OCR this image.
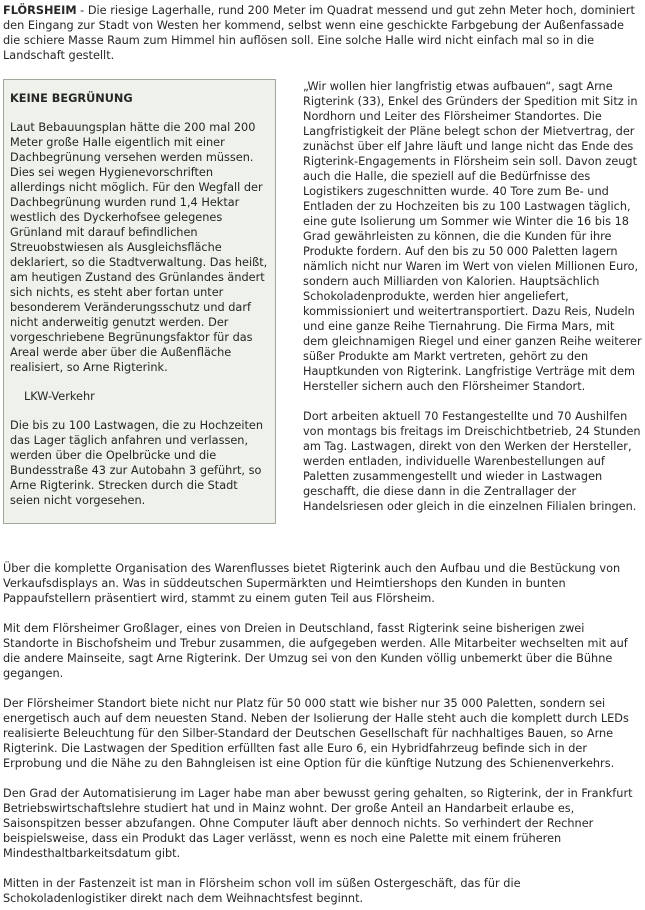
FLÖRSHEIM - Die riesige Lagerhalle, rund 200 Meter im Quadrat messend und gut zehn Meter hoch, dominiert den Eingang zur Stadt von Westen her kommend, selbst wenn eine geschickte Farbgebung der Außenfassade die schiere Masse Raum zum Himmel hin auflösen soll. Eine solche Halle wird nicht einfach mal so in die Landschaft gestellt.

KEINE BEGRÜNUNG

Laut Bebauungsplan hätte die 200 mal 200 Meter große Halle eigentlich mit einer Dachbegrünung versehen werden müssen. Dies sei wegen Hygienevorschriften allerdings nicht möglich. Für den Wegfall der Dachbegrünung wurden rund 1,4 Hektar westlich des Dyckerhofsee gelegenes Grünland mit darauf befindlichen Streuobstwiesen als Ausgleichsfläche deklariert, so die Stadtverwaltung. Das heißt, am heutigen Zustand des Grünlandes ändert sich nichts, es steht aber fortan unter besonderem Veränderungsschutz und darf nicht anderweitig genutzt werden. Der vorgeschriebene Begrünungsfaktor für das Areal werde aber über die Außenfläche realisiert, so Arne Rigterink.

LKW-Verkehr

Die bis zu 100 Lastwagen, die zu Hochzeiten das Lager täglich anfahren und verlassen, werden über die Opelbrücke und die Bundesstraße 43 zur Autobahn 3 geführt, so Arne Rigterink. Strecken durch die Stadt seien nicht vorgesehen.

„Wir wollen hier langfristig etwas aufbauen“, sagt Arne Rigterink (33), Enkel des Gründers der Spedition mit Sitz in Nordhorn und Leiter des Flörsheimer Standortes. Die Langfristigkeit der Pläne belegt schon der Mietvertrag, der zunächst über elf Jahre läuft und lange nicht das Ende des Rigterink-Engagements in Flörsheim sein soll. Davon zeugt auch die Halle, die speziell auf die Bedürfnisse des Logistikers zugeschnitten wurde. 40 Tore zum Be- und Entladen der zu Hochzeiten bis zu 100 Lastwagen täglich, eine gute Isolierung um Sommer wie Winter die 16 bis 18 Grad gewährleisten zu können, die die Kunden für ihre Produkte fordern. Auf den bis zu 50 000 Paletten lagern nämlich nicht nur Waren im Wert von vielen Millionen Euro, sondern auch Milliarden von Kalorien. Hauptsächlich Schokoladenprodukte, werden hier angeliefert, kommissioniert und weitertransportiert. Dazu Reis, Nudeln und eine ganze Reihe Tiernahrung. Die Firma Mars, mit dem gleichnamigen Riegel und einer ganzen Reihe weiterer süßer Produkte am Markt vertreten, gehört zu den Hauptkunden von Rigterink. Langfristige Verträge mit dem Hersteller sichern auch den Flörsheimer Standort.

Dort arbeiten aktuell 70 Festangestellte und 70 Aushilfen von montags bis freitags im Dreischichtbetrieb, 24 Stunden am Tag. Lastwagen, direkt von den Werken der Hersteller, werden entladen, individuelle Warenbestellungen auf Paletten zusammengestellt und wieder in Lastwagen geschafft, die diese dann in die Zentrallager der Handelsriesen oder gleich in die einzelnen Filialen bringen.

Über die komplette Organisation des Warenflusses bietet Rigterink auch den Aufbau und die Bestückung von Verkaufsdisplays an. Was in süddeutschen Supermärkten und Heimtiershops den Kunden in bunten Pappaufstellern präsentiert wird, stammt zu einem guten Teil aus Flörsheim.

Mit dem Flörsheimer Großlager, eines von Dreien in Deutschland, fasst Rigterink seine bisherigen zwei Standorte in Bischofsheim und Trebur zusammen, die aufgegeben werden. Alle Mitarbeiter wechselten mit auf die andere Mainseite, sagt Arne Rigterink. Der Umzug sei von den Kunden völlig unbemerkt über die Bühne gegangen.

Der Flörsheimer Standort biete nicht nur Platz für 50 000 statt wie bisher nur 35 000 Paletten, sondern sei energetisch auch auf dem neuesten Stand. Neben der Isolierung der Halle steht auch die komplett durch LEDs realisierte Beleuchtung für den Silber-Standard der Deutschen Gesellschaft für nachhaltiges Bauen, so Arne Rigterink. Die Lastwagen der Spedition erfüllten fast alle Euro 6, ein Hybridfahrzeug befinde sich in der Erprobung und die Nähe zu den Bahngleisen ist eine Option für die künftige Nutzung des Schienenverkehrs.

Den Grad der Automatisierung im Lager habe man aber bewusst gering gehalten, so Rigterink, der in Frankfurt Betriebswirtschaftslehre studiert hat und in Mainz wohnt. Der große Anteil an Handarbeit erlaube es, Saisonspitzen besser abzufangen. Ohne Computer läuft aber dennoch nichts. So verhindert der Rechner beispielsweise, dass ein Produkt das Lager verlässt, wenn es noch eine Palette mit einem früheren Mindesthaltbarkeitsdatum gibt.

Mitten in der Fastenzeit ist man in Flörsheim schon voll im süßen Ostergeschäft, das für die Schokoladenlogistiker direkt nach dem Weihnachtsfest beginnt.
